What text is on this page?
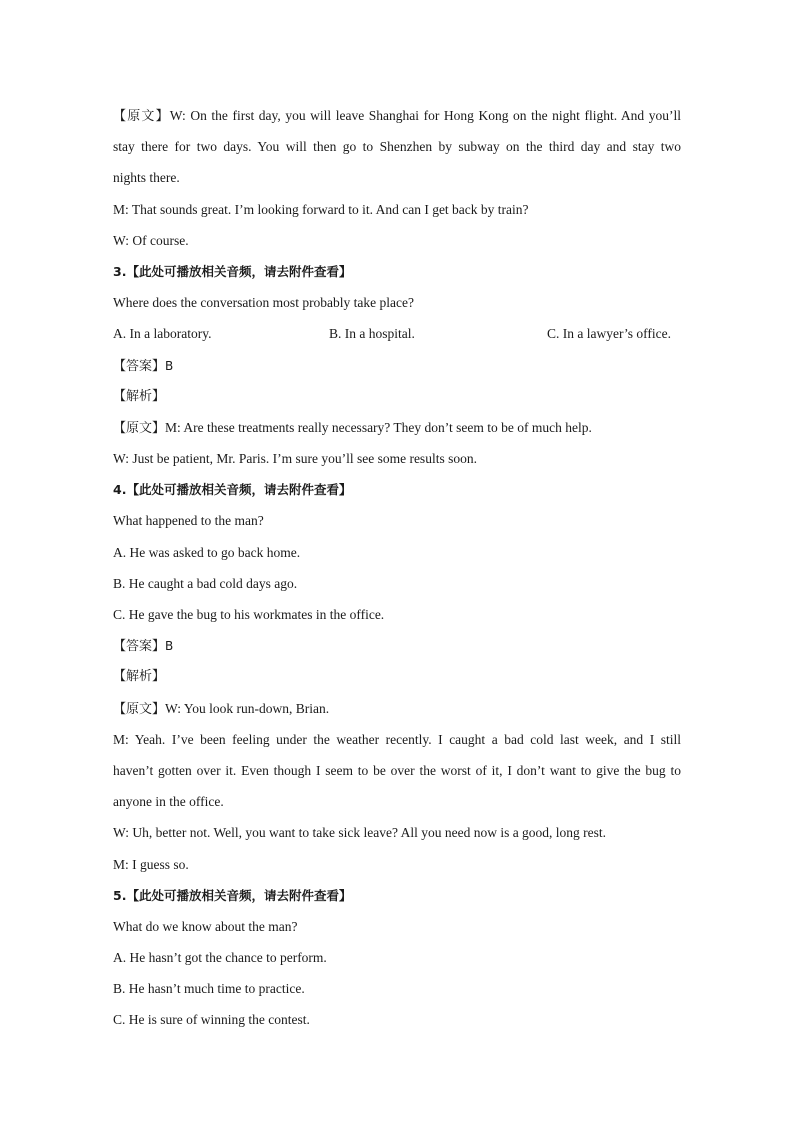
【原文】W: On the first day, you will leave Shanghai for Hong Kong on the night flight. And you’ll
stay there for two days. You will then go to Shenzhen by subway on the third day and stay two
nights there.
M: That sounds great. I’m looking forward to it. And can I get back by train?
W: Of course.
3.【此处可播放相关音频，请去附件查看】
Where does the conversation most probably take place?
A. In a laboratory.	B. In a hospital.	C. In a lawyer’s office.
【答案】B
【解析】
【原文】M: Are these treatments really necessary? They don’t seem to be of much help.
W: Just be patient, Mr. Paris. I’m sure you’ll see some results soon.
4.【此处可播放相关音频，请去附件查看】
What happened to the man?
A. He was asked to go back home.
B. He caught a bad cold days ago.
C. He gave the bug to his workmates in the office.
【答案】B
【解析】
【原文】W: You look run-down, Brian.
M: Yeah. I’ve been feeling under the weather recently. I caught a bad cold last week, and I still
haven’t gotten over it. Even though I seem to be over the worst of it, I don’t want to give the bug to
anyone in the office.
W: Uh, better not. Well, you want to take sick leave? All you need now is a good, long rest.
M: I guess so.
5.【此处可播放相关音频，请去附件查看】
What do we know about the man?
A. He hasn’t got the chance to perform.
B. He hasn’t much time to practice.
C. He is sure of winning the contest.
